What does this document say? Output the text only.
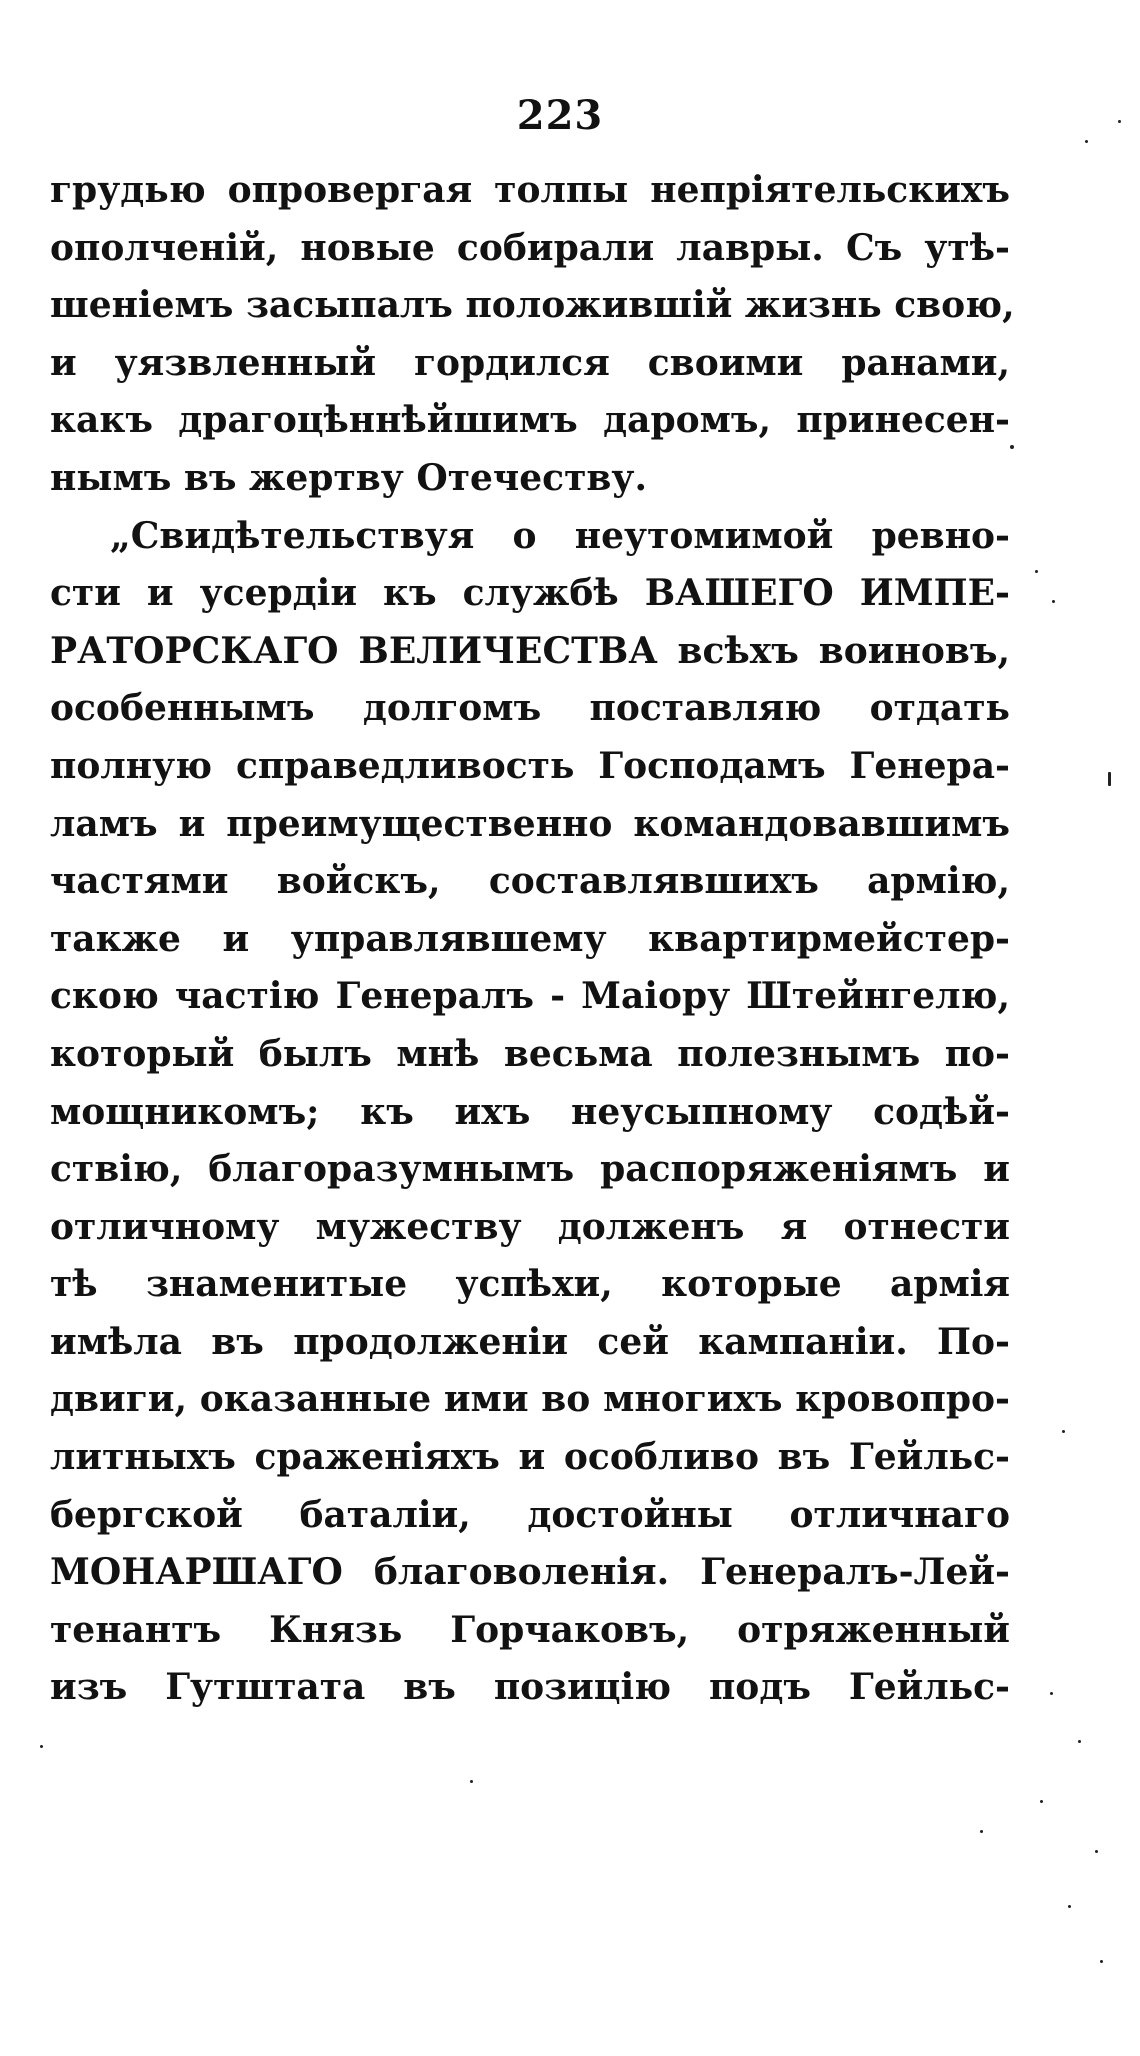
223
грудью опровергая толпы непріятельскихъ
ополченій, новые собирали лавры. Съ утѣ-
шеніемъ засыпалъ положившій жизнь свою,
и уязвленный гордился своими ранами,
какъ драгоцѣннѣйшимъ даромъ, принесен-
нымъ въ жертву Отечеству.
„Свидѣтельствуя о неутомимой ревно-
сти и усердіи къ службѣ ВАШЕГО ИМПЕ-
РАТОРСКАГО ВЕЛИЧЕСТВА всѣхъ воиновъ,
особеннымъ долгомъ поставляю отдать
полную справедливость Господамъ Генера-
ламъ и преимущественно командовавшимъ
частями войскъ, составлявшихъ армію,
также и управлявшему квартирмейстер-
скою частію Генералъ - Маіору Штейнгелю,
который былъ мнѣ весьма полезнымъ по-
мощникомъ; къ ихъ неусыпному содѣй-
ствію, благоразумнымъ распоряженіямъ и
отличному мужеству долженъ я отнести
тѣ знаменитые успѣхи, которые армія
имѣла въ продолженіи сей кампаніи. По-
двиги, оказанные ими во многихъ кровопро-
литныхъ сраженіяхъ и особливо въ Гейльс-
бергской баталіи, достойны отличнаго
МОНАРШАГО благоволенія. Генералъ-Лей-
тенантъ Князь Горчаковъ, отряженный
изъ Гутштата въ позицію подъ Гейльс-
